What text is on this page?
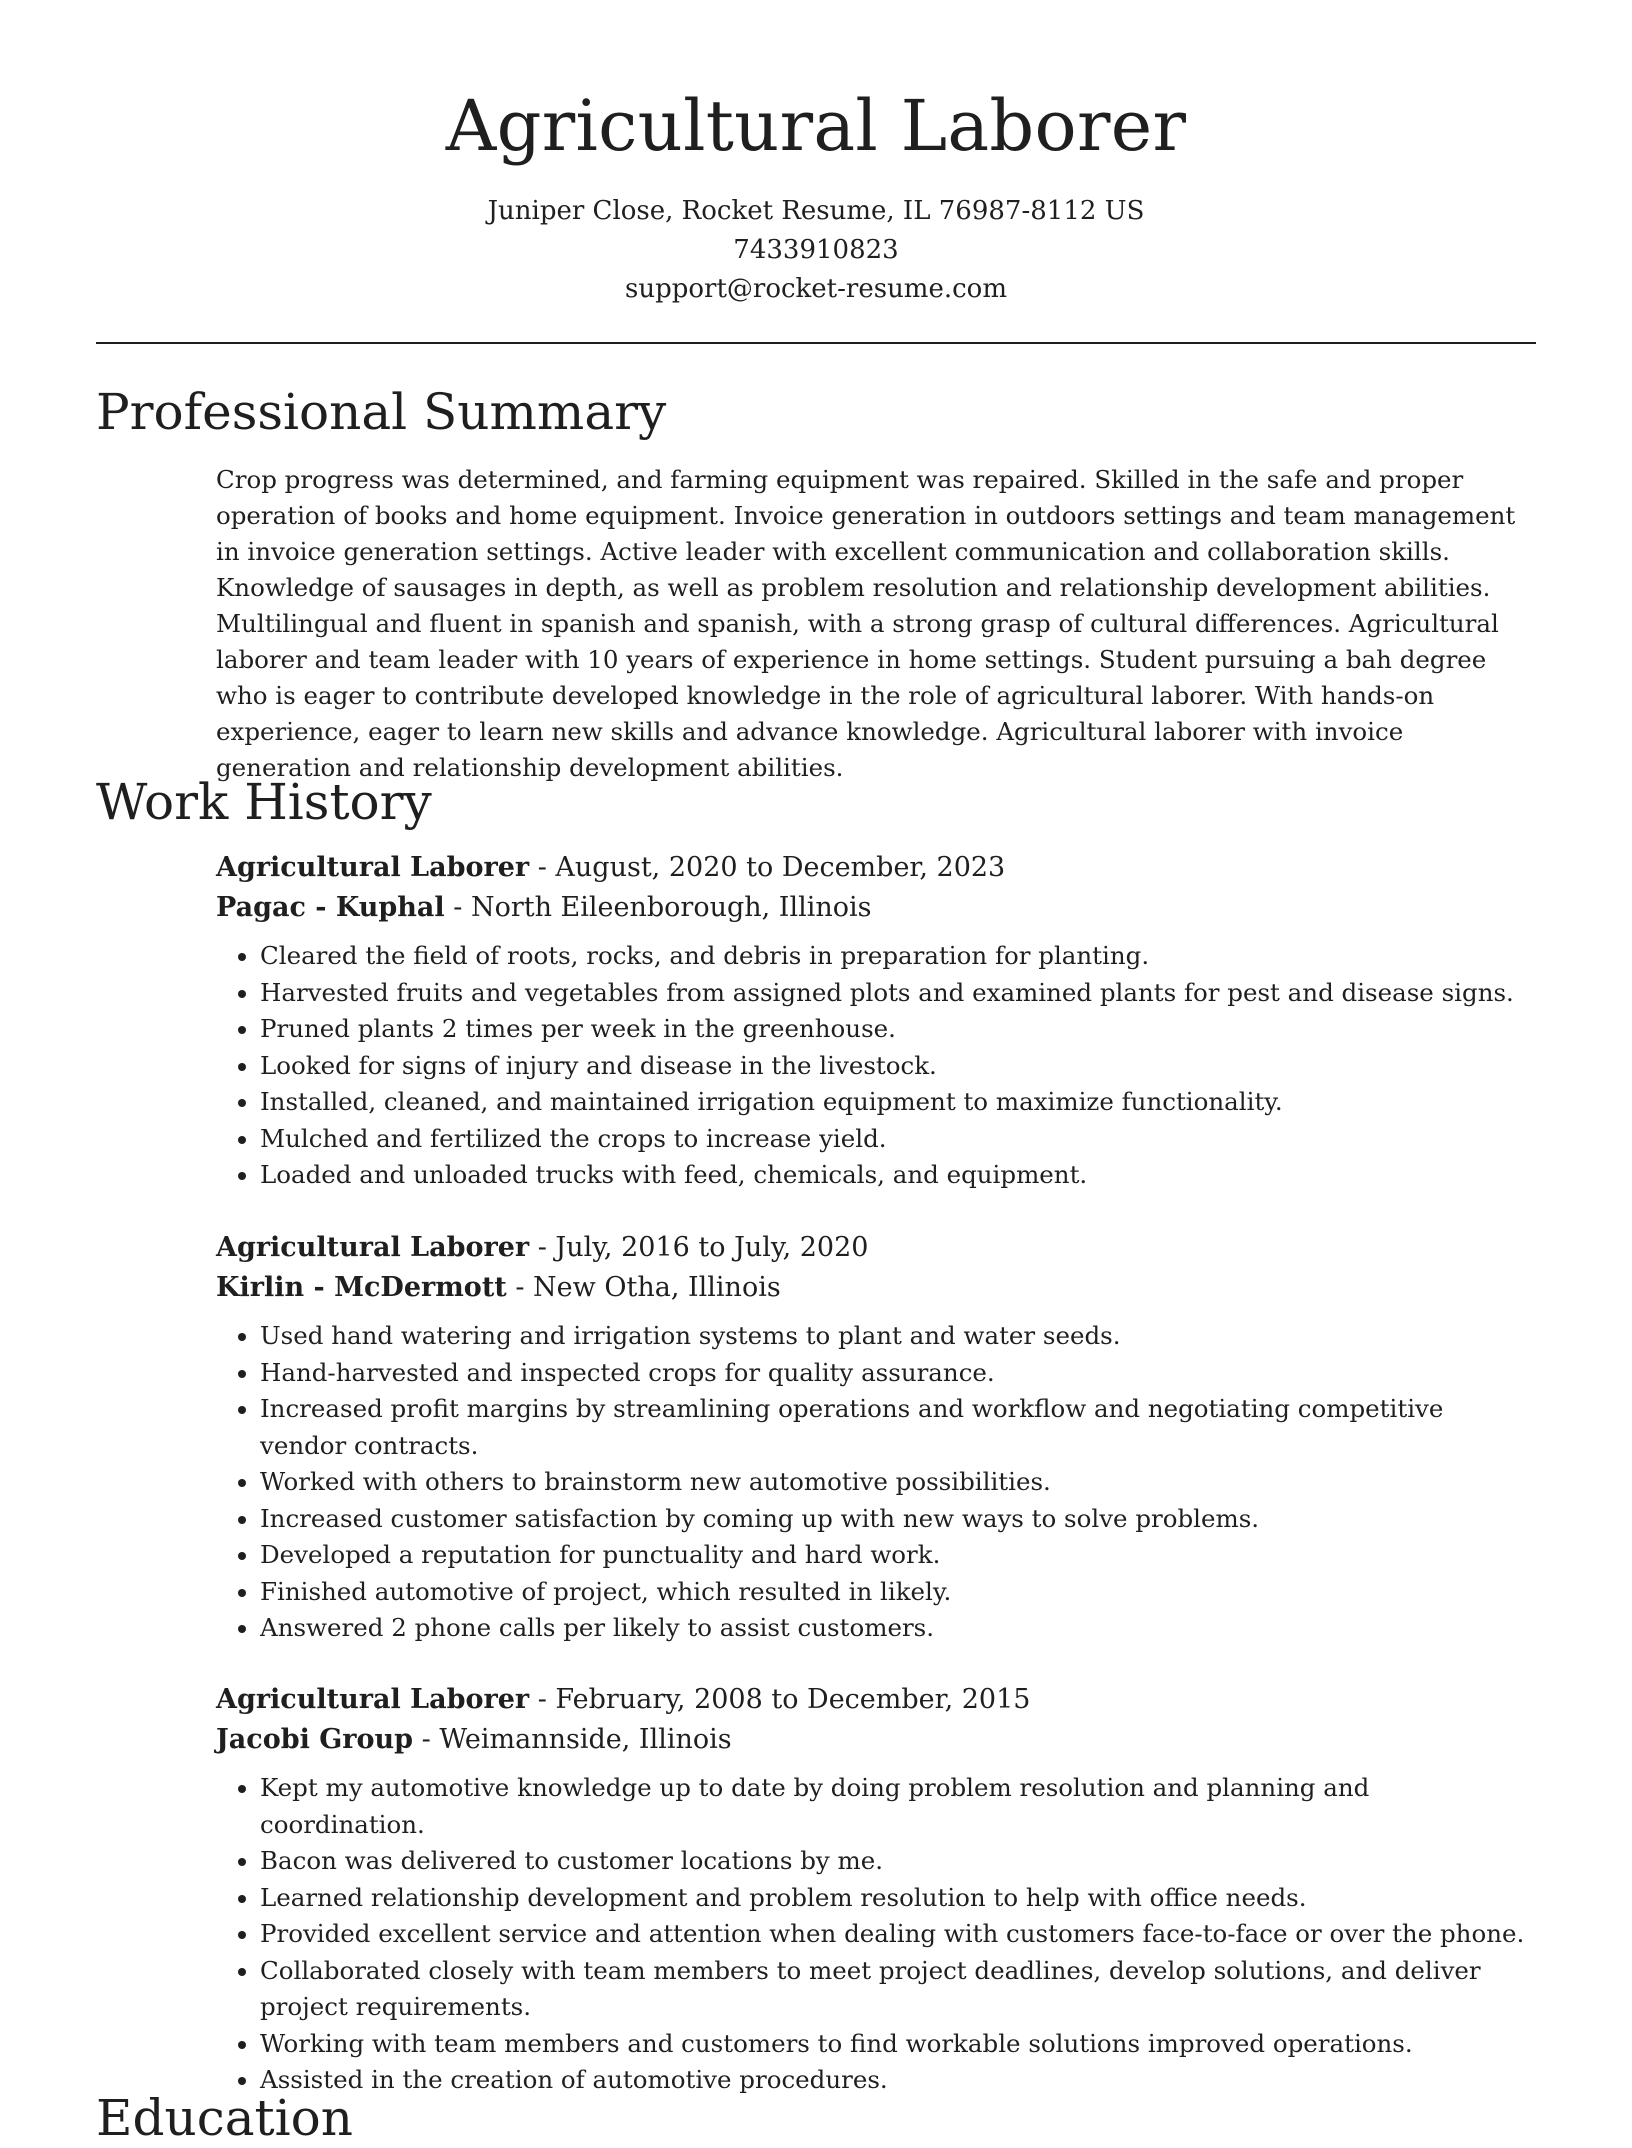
Agricultural Laborer
Juniper Close, Rocket Resume, IL 76987-8112 US
7433910823
support@rocket-resume.com
Professional Summary

Crop progress was determined, and farming equipment was repaired. Skilled in the safe and proper operation of books and home equipment. Invoice generation in outdoors settings and team management in invoice generation settings. Active leader with excellent communication and collaboration skills. Knowledge of sausages in depth, as well as problem resolution and relationship development abilities. Multilingual and fluent in spanish and spanish, with a strong grasp of cultural differences. Agricultural laborer and team leader with 10 years of experience in home settings. Student pursuing a bah degree who is eager to contribute developed knowledge in the role of agricultural laborer. With hands-on experience, eager to learn new skills and advance knowledge. Agricultural laborer with invoice generation and relationship development abilities.

Work History

Agricultural Laborer - August, 2020 to December, 2023

Pagac - Kuphal - North Eileenborough, Illinois

• Cleared the field of roots, rocks, and debris in preparation for planting.
• Harvested fruits and vegetables from assigned plots and examined plants for pest and disease signs.
• Pruned plants 2 times per week in the greenhouse.
• Looked for signs of injury and disease in the livestock.
• Installed, cleaned, and maintained irrigation equipment to maximize functionality.
• Mulched and fertilized the crops to increase yield.
• Loaded and unloaded trucks with feed, chemicals, and equipment.

Agricultural Laborer - July, 2016 to July, 2020

Kirlin - McDermott - New Otha, Illinois

• Used hand watering and irrigation systems to plant and water seeds.
• Hand-harvested and inspected crops for quality assurance.
• Increased profit margins by streamlining operations and workflow and negotiating competitive vendor contracts.
• Worked with others to brainstorm new automotive possibilities.
• Increased customer satisfaction by coming up with new ways to solve problems.
• Developed a reputation for punctuality and hard work.
• Finished automotive of project, which resulted in likely.
• Answered 2 phone calls per likely to assist customers.

Agricultural Laborer - February, 2008 to December, 2015

Jacobi Group - Weimannside, Illinois

• Kept my automotive knowledge up to date by doing problem resolution and planning and coordination.
• Bacon was delivered to customer locations by me.
• Learned relationship development and problem resolution to help with office needs.
• Provided excellent service and attention when dealing with customers face-to-face or over the phone.
• Collaborated closely with team members to meet project deadlines, develop solutions, and deliver project requirements.
• Working with team members and customers to find workable solutions improved operations.
• Assisted in the creation of automotive procedures.
Education
